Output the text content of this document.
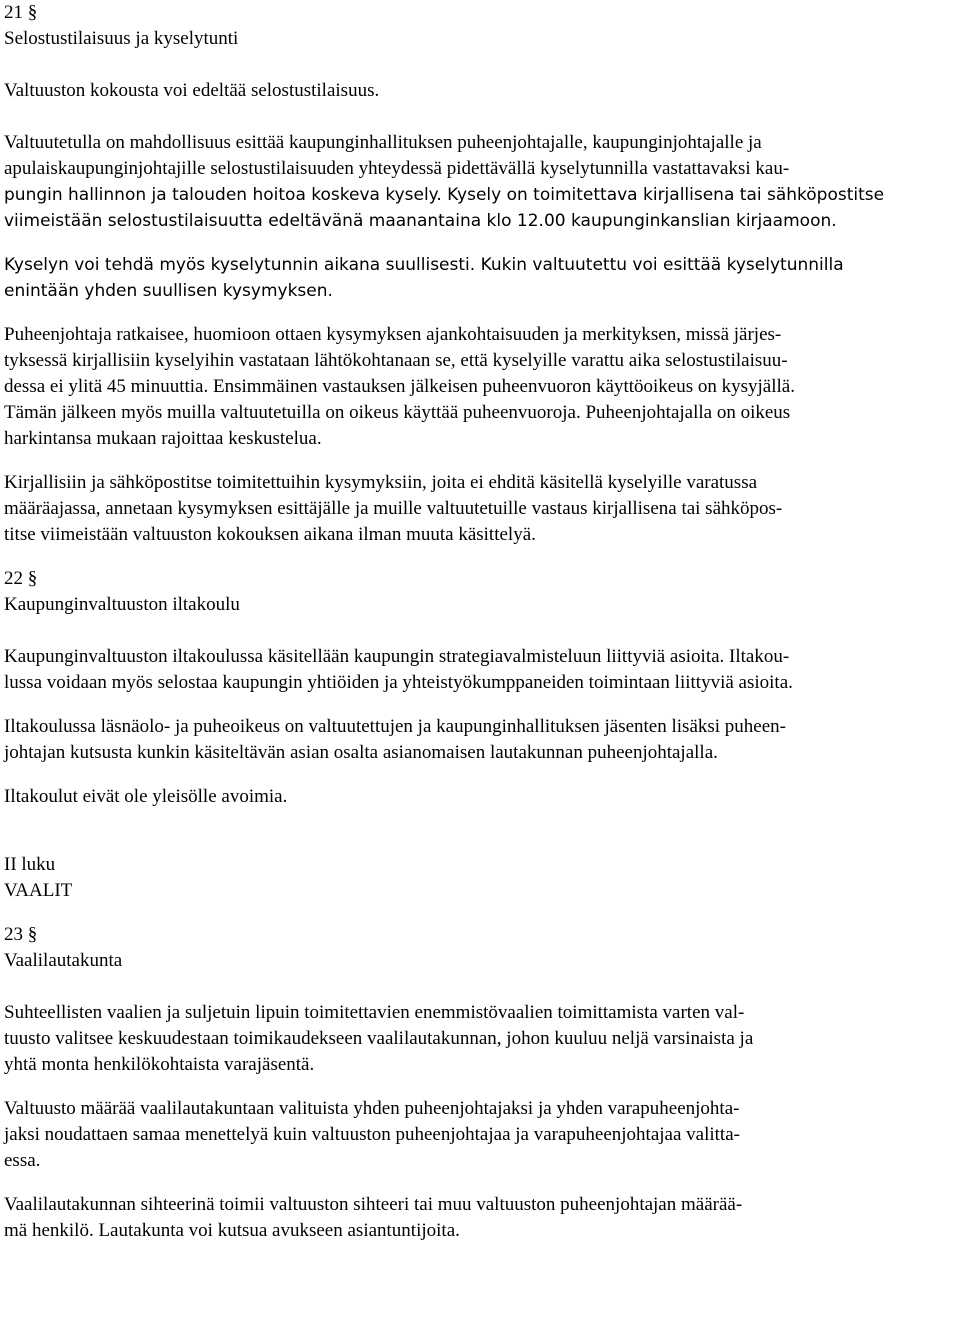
21 §
Selostustilaisuus ja kyselytunti
Valtuuston kokousta voi edeltää selostustilaisuus.
Valtuutetulla on mahdollisuus esittää kaupunginhallituksen puheenjohtajalle, kaupunginjohtajalle ja
apulaiskaupunginjohtajille selostustilaisuuden yhteydessä pidettävällä kyselytunnilla vastattavaksi kau-
pungin hallinnon ja talouden hoitoa koskeva kysely. Kysely on toimitettava kirjallisena tai sähköpostitse
viimeistään selostustilaisuutta edeltävänä maanantaina klo 12.00 kaupunginkanslian kirjaamoon.
Kyselyn voi tehdä myös kyselytunnin aikana suullisesti. Kukin valtuutettu voi esittää kyselytunnilla
enintään yhden suullisen kysymyksen.
Puheenjohtaja ratkaisee, huomioon ottaen kysymyksen ajankohtaisuuden ja merkityksen, missä järjes-
tyksessä kirjallisiin kyselyihin vastataan lähtökohtanaan se, että kyselyille varattu aika selostustilaisuu-
dessa ei ylitä 45 minuuttia. Ensimmäinen vastauksen jälkeisen puheenvuoron käyttöoikeus on kysyjällä.
Tämän jälkeen myös muilla valtuutetuilla on oikeus käyttää puheenvuoroja. Puheenjohtajalla on oikeus
harkintansa mukaan rajoittaa keskustelua.
Kirjallisiin ja sähköpostitse toimitettuihin kysymyksiin, joita ei ehditä käsitellä kyselyille varatussa
määräajassa, annetaan kysymyksen esittäjälle ja muille valtuutetuille vastaus kirjallisena tai sähköpos-
titse viimeistään valtuuston kokouksen aikana ilman muuta käsittelyä.
22 §
Kaupunginvaltuuston iltakoulu
Kaupunginvaltuuston iltakoulussa käsitellään kaupungin strategiavalmisteluun liittyviä asioita. Iltakou-
lussa voidaan myös selostaa kaupungin yhtiöiden ja yhteistyökumppaneiden toimintaan liittyviä asioita.
Iltakoulussa läsnäolo- ja puheoikeus on valtuutettujen ja kaupunginhallituksen jäsenten lisäksi puheen-
johtajan kutsusta kunkin käsiteltävän asian osalta asianomaisen lautakunnan puheenjohtajalla.
Iltakoulut eivät ole yleisölle avoimia.
II luku
VAALIT
23 §
Vaalilautakunta
Suhteellisten vaalien ja suljetuin lipuin toimitettavien enemmistövaalien toimittamista varten val-
tuusto valitsee keskuudestaan toimikaudekseen vaalilautakunnan, johon kuuluu neljä varsinaista ja
yhtä monta henkilökohtaista varajäsentä.
Valtuusto määrää vaalilautakuntaan valituista yhden puheenjohtajaksi ja yhden varapuheenjohta-
jaksi noudattaen samaa menettelyä kuin valtuuston puheenjohtajaa ja varapuheenjohtajaa valitta-
essa.
Vaalilautakunnan sihteerinä toimii valtuuston sihteeri tai muu valtuuston puheenjohtajan määrää-
mä henkilö. Lautakunta voi kutsua avukseen asiantuntijoita.
